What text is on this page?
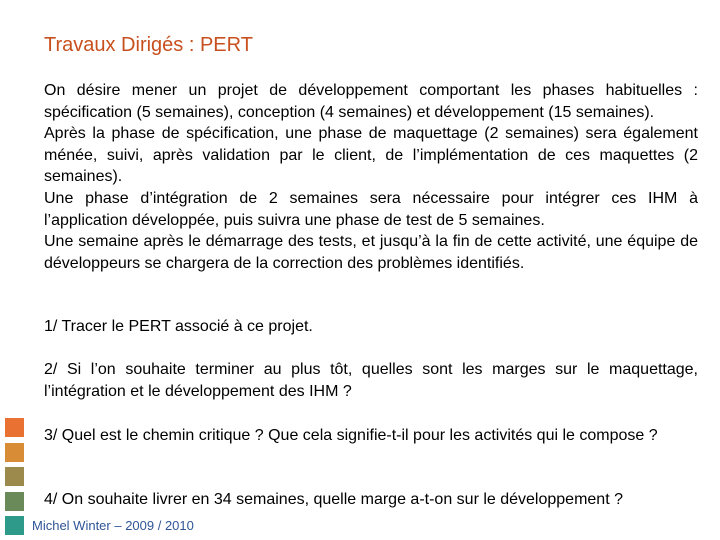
Travaux Dirigés : PERT
On désire mener un projet de développement comportant les phases habituelles : spécification (5 semaines), conception (4 semaines) et développement (15 semaines).
Après la phase de spécification, une phase de maquettage (2 semaines) sera également ménée, suivi, après validation par le client, de l’implémentation de ces maquettes (2 semaines).
Une phase d’intégration de 2 semaines sera nécessaire pour intégrer ces IHM à l’application développée, puis suivra une phase de test de 5 semaines.
Une semaine après le démarrage des tests, et jusqu’à la fin de cette activité, une équipe de développeurs se chargera de la correction des problèmes identifiés.
1/ Tracer le PERT associé à ce projet.
2/ Si l’on souhaite terminer au plus tôt, quelles sont les marges sur le maquettage, l’intégration et le développement des IHM ?
3/ Quel est le chemin critique ? Que cela signifie-t-il pour les activités qui le compose ?
4/ On souhaite livrer en 34 semaines, quelle marge a-t-on sur le développement ?
Michel Winter – 2009 / 2010
